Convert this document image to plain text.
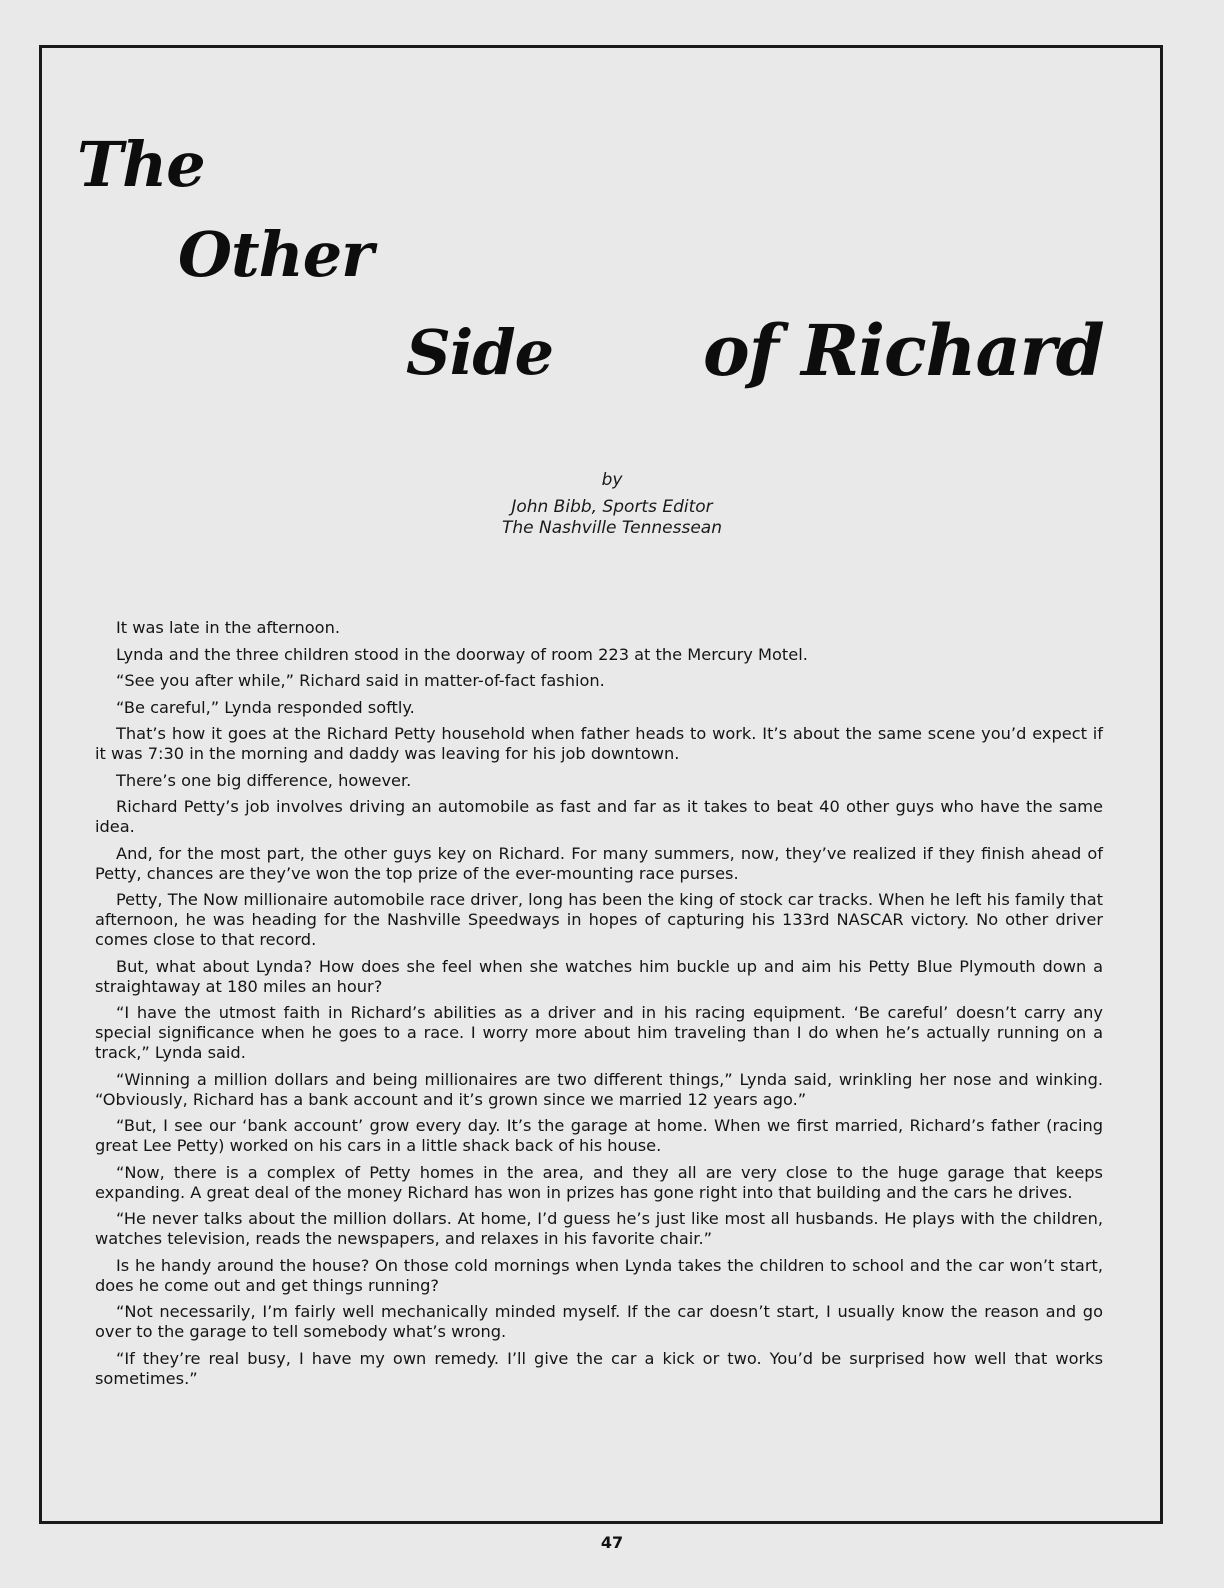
The
Other
Side of Richard
by
John Bibb, Sports Editor
The Nashville Tennessean

It was late in the afternoon.

Lynda and the three children stood in the doorway of room 223 at the Mercury Motel.

“See you after while,” Richard said in matter-of-fact fashion.

“Be careful,” Lynda responded softly.

That’s how it goes at the Richard Petty household when father heads to work. It’s about the same scene you’d expect if it was 7:30 in the morning and daddy was leaving for his job downtown.

There’s one big difference, however.

Richard Petty’s job involves driving an automobile as fast and far as it takes to beat 40 other guys who have the same idea.

And, for the most part, the other guys key on Richard. For many summers, now, they’ve realized if they finish ahead of Petty, chances are they’ve won the top prize of the ever-mounting race purses.

Petty, The Now millionaire automobile race driver, long has been the king of stock car tracks. When he left his family that afternoon, he was heading for the Nashville Speedways in hopes of capturing his 133rd NASCAR victory. No other driver comes close to that record.

But, what about Lynda? How does she feel when she watches him buckle up and aim his Petty Blue Plymouth down a straightaway at 180 miles an hour?

“I have the utmost faith in Richard’s abilities as a driver and in his racing equipment. ‘Be careful’ doesn’t carry any special significance when he goes to a race. I worry more about him traveling than I do when he’s actually running on a track,” Lynda said.

“Winning a million dollars and being millionaires are two different things,” Lynda said, wrinkling her nose and winking. “Obviously, Richard has a bank account and it’s grown since we married 12 years ago.”

“But, I see our ‘bank account’ grow every day. It’s the garage at home. When we first married, Richard’s father (racing great Lee Petty) worked on his cars in a little shack back of his house.

“Now, there is a complex of Petty homes in the area, and they all are very close to the huge garage that keeps expanding. A great deal of the money Richard has won in prizes has gone right into that building and the cars he drives.

“He never talks about the million dollars. At home, I’d guess he’s just like most all husbands. He plays with the children, watches television, reads the newspapers, and relaxes in his favorite chair.”

Is he handy around the house? On those cold mornings when Lynda takes the children to school and the car won’t start, does he come out and get things running?

“Not necessarily, I’m fairly well mechanically minded myself. If the car doesn’t start, I usually know the reason and go over to the garage to tell somebody what’s wrong.

“If they’re real busy, I have my own remedy. I’ll give the car a kick or two. You’d be surprised how well that works sometimes.”

47
